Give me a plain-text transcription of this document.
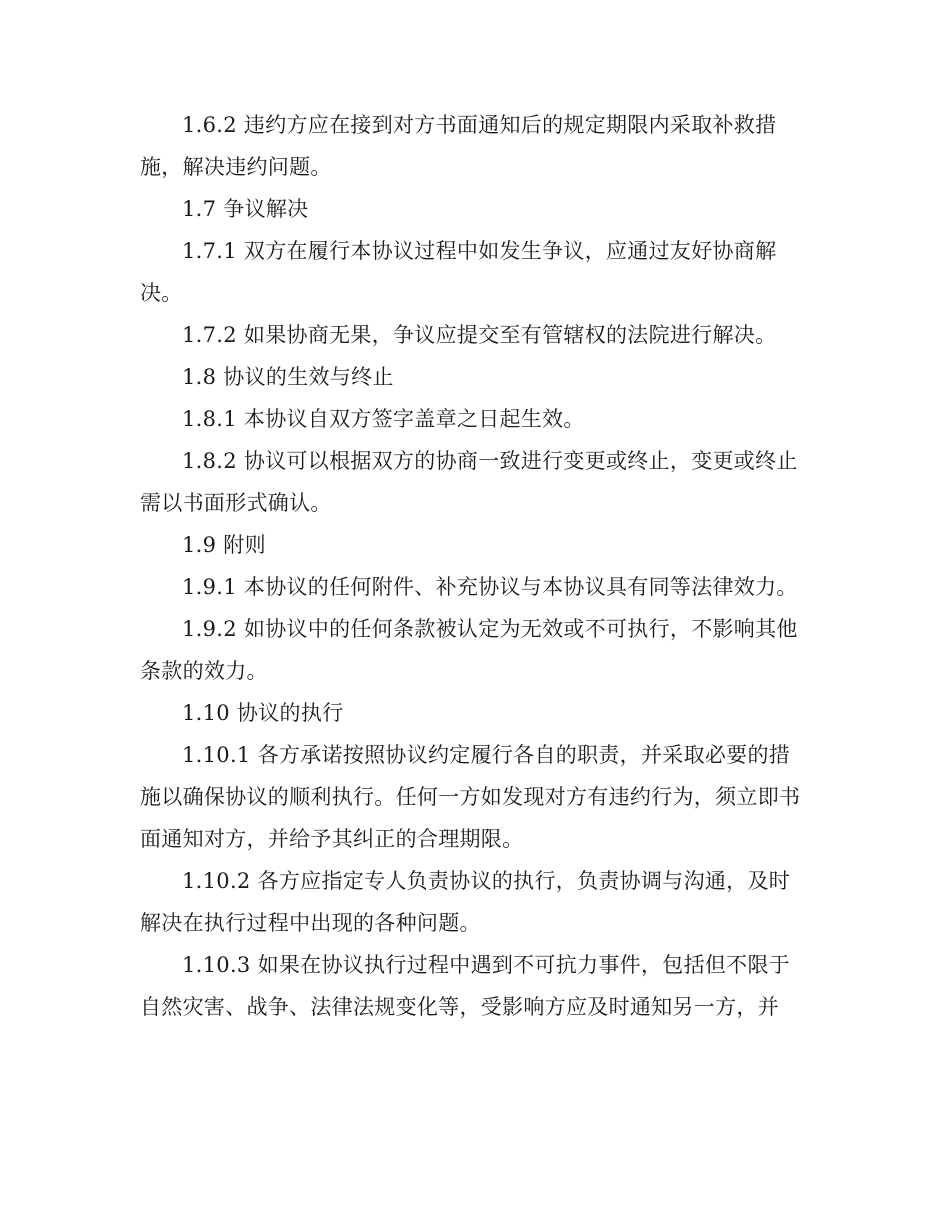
1.6.2 违约方应在接到对方书面通知后的规定期限内采取补救措施，解决违约问题。

1.7 争议解决

1.7.1 双方在履行本协议过程中如发生争议，应通过友好协商解决。

1.7.2 如果协商无果，争议应提交至有管辖权的法院进行解决。

1.8 协议的生效与终止

1.8.1 本协议自双方签字盖章之日起生效。

1.8.2 协议可以根据双方的协商一致进行变更或终止，变更或终止需以书面形式确认。

1.9 附则

1.9.1 本协议的任何附件、补充协议与本协议具有同等法律效力。

1.9.2 如协议中的任何条款被认定为无效或不可执行，不影响其他条款的效力。

1.10 协议的执行

1.10.1 各方承诺按照协议约定履行各自的职责，并采取必要的措施以确保协议的顺利执行。任何一方如发现对方有违约行为，须立即书面通知对方，并给予其纠正的合理期限。

1.10.2 各方应指定专人负责协议的执行，负责协调与沟通，及时解决在执行过程中出现的各种问题。

1.10.3 如果在协议执行过程中遇到不可抗力事件，包括但不限于自然灾害、战争、法律法规变化等，受影响方应及时通知另一方，并
